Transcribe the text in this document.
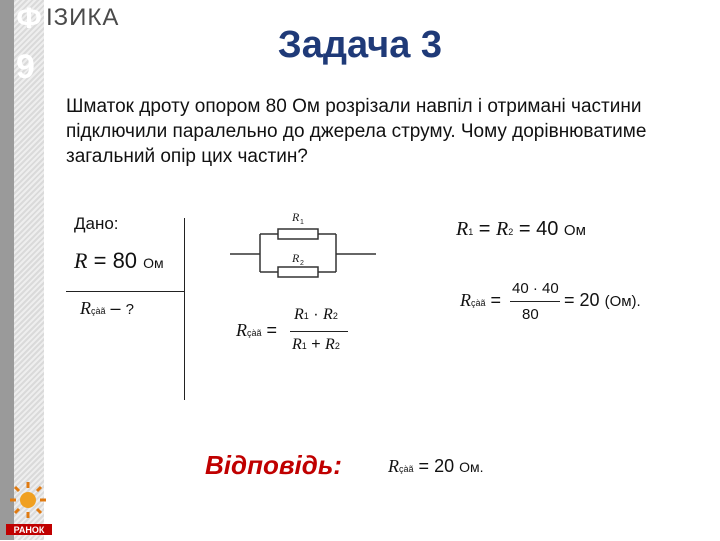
Ф ІЗИКА
9
РАНОК
Задача 3
Шматок дроту опором 80 Ом розрізали навпіл і отримані частини підключили паралельно до джерела струму. Чому дорівнюватиме загальний опір цих частин?
Дано:
R = 80 Ом
Rçàã – ?
R 1
R 2
Rçàã =
R1 · R2
R1 + R2
R1 = R2 = 40 Ом
Rçàã =
40 · 40
80
= 20 (Ом).
Відповідь:	Rçàã = 20 Ом.
